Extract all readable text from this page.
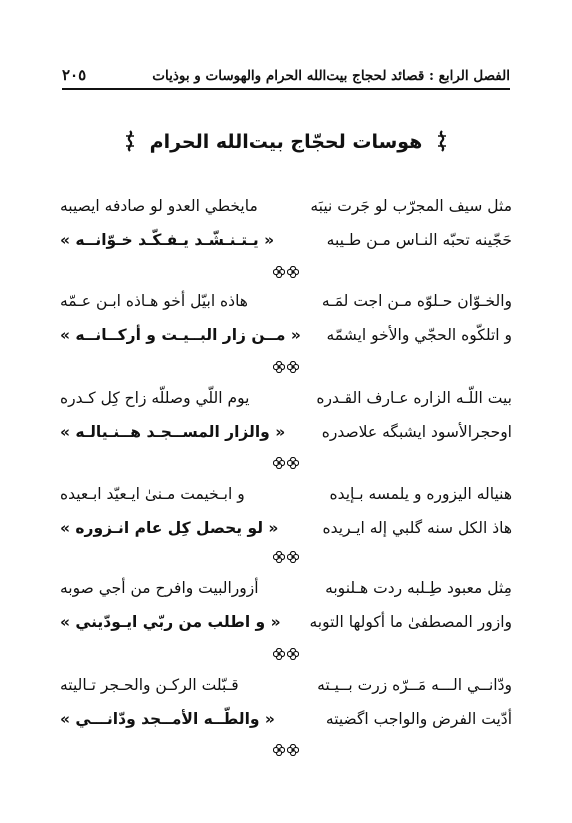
الفصل الرابع : قصائد لحجاج بيت‌الله الحرام والهوسات و بوذيات
٢٠٥
هوسات لحجّاج بيت‌الله الحرام
مثل سيف المجرّب لو جَرت نيبَه
مايخطي العدو لو صادفه ايصيبه
حَجّينه تحبّه النـاس مـن طـيبه
« يـتـنـشّـد يـفـكّـد خـوّانــه »
والخـوّان حـلوّه مـن اجت لمَـه
هاذه ابيّل أخو هـاذه ابـن عـمّه
و اتلكّوه الحجّي والأخو ايشمّه
« مــن زار البــيـت و أركــانــه »
بيت اللّـه الزاره عـارف القـدره
يوم اللّي وصللّه زاح كِل كـدره
اوحجرالأسود ايشبگه علاصدره
« والزار المســجـد هــنـيالـه »
هنياله اليزوره و يلمسه بـإيده
و ابـخيمت مـنىٰ ايـعيّد ابـعيده
هاذ الكل سنه گلبي إله ايـريده
« لو يحصل كِل عام انـزوره »
مِثل معبود طِـلبه ردت هـلنوبه
أزورالبيت وافرح من أجي صوبه
وازور المصطفىٰ ما أكولها التوبه
« و اطلب من ربّي ايـودّيني »
ودّانــي الـــه مَــرّه زرت بــيـته
قـبّلت الركـن والحـجر تـاليته
أدّيت الفرض والواجب اگضيته
« والطّــه الأمــجد ودّانـــي »
